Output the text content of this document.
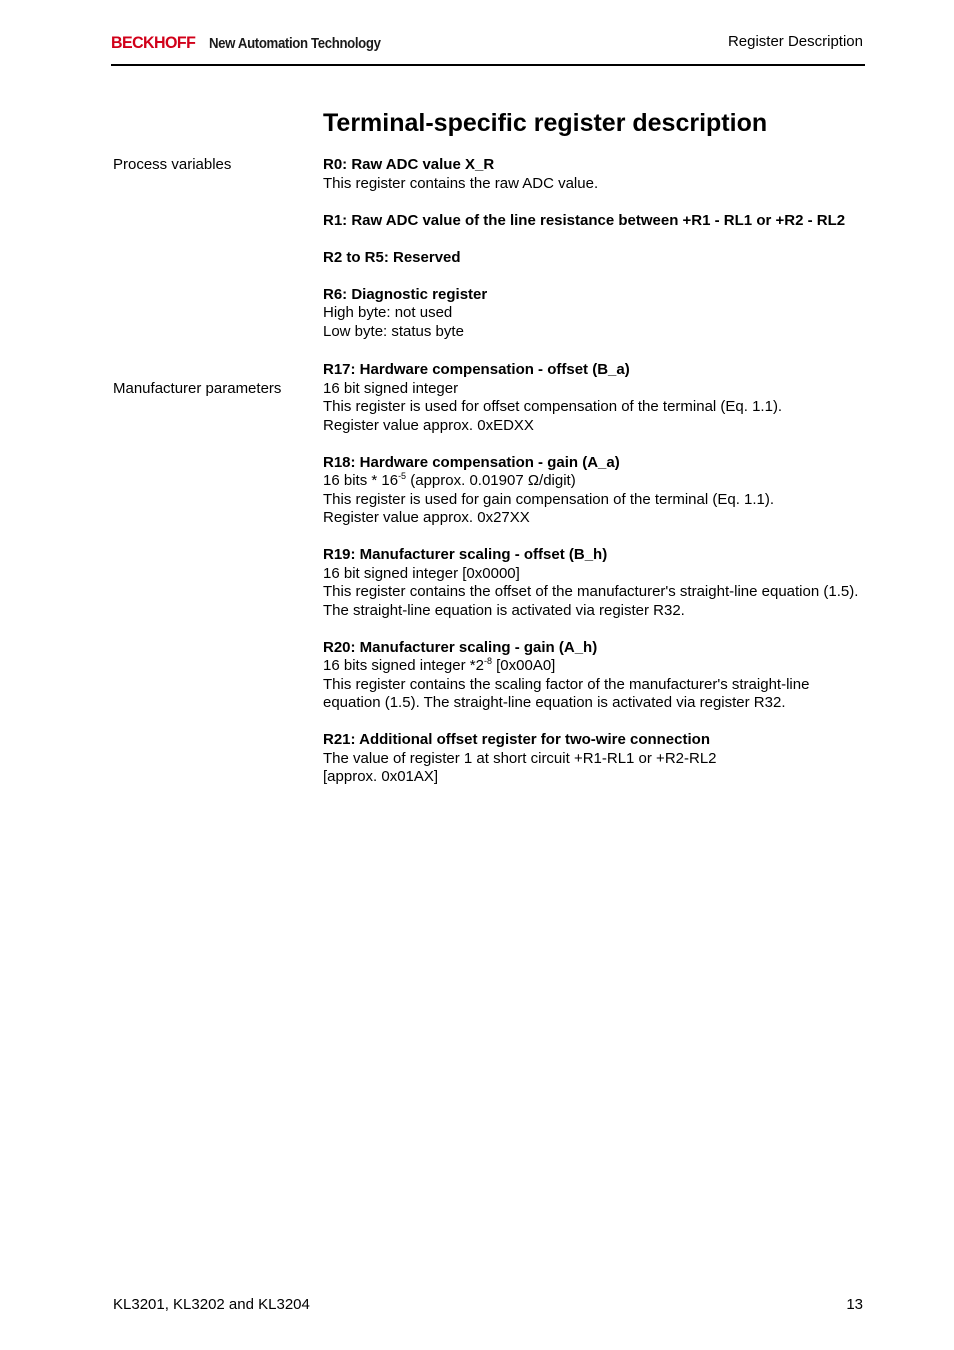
BECKHOFF New Automation Technology	Register Description
Terminal-specific register description
Process variables
Manufacturer parameters
R0: Raw ADC value X_R
This register contains the raw ADC value.
R1: Raw ADC value of the line resistance between +R1 - RL1 or +R2 - RL2
R2 to R5: Reserved
R6: Diagnostic register
High byte: not used
Low byte: status byte
R17: Hardware compensation - offset (B_a)
16 bit signed integer
This register is used for offset compensation of the terminal (Eq. 1.1).
Register value approx. 0xEDXX
R18: Hardware compensation - gain (A_a)
16 bits * $16^{-5}$ (approx. 0.01907 Ω/digit)
This register is used for gain compensation of the terminal (Eq. 1.1).
Register value approx. 0x27XX
R19: Manufacturer scaling - offset (B_h)
16 bit signed integer [0x0000]
This register contains the offset of the manufacturer's straight-line equation (1.5). The straight-line equation is activated via register R32.
R20: Manufacturer scaling - gain (A_h)
16 bits signed integer $*2^{-8}$ [0x00A0]
This register contains the scaling factor of the manufacturer's straight-line equation (1.5). The straight-line equation is activated via register R32.
R21: Additional offset register for two-wire connection
The value of register 1 at short circuit +R1-RL1 or +R2-RL2
[approx. 0x01AX]
KL3201, KL3202 and KL3204	13
